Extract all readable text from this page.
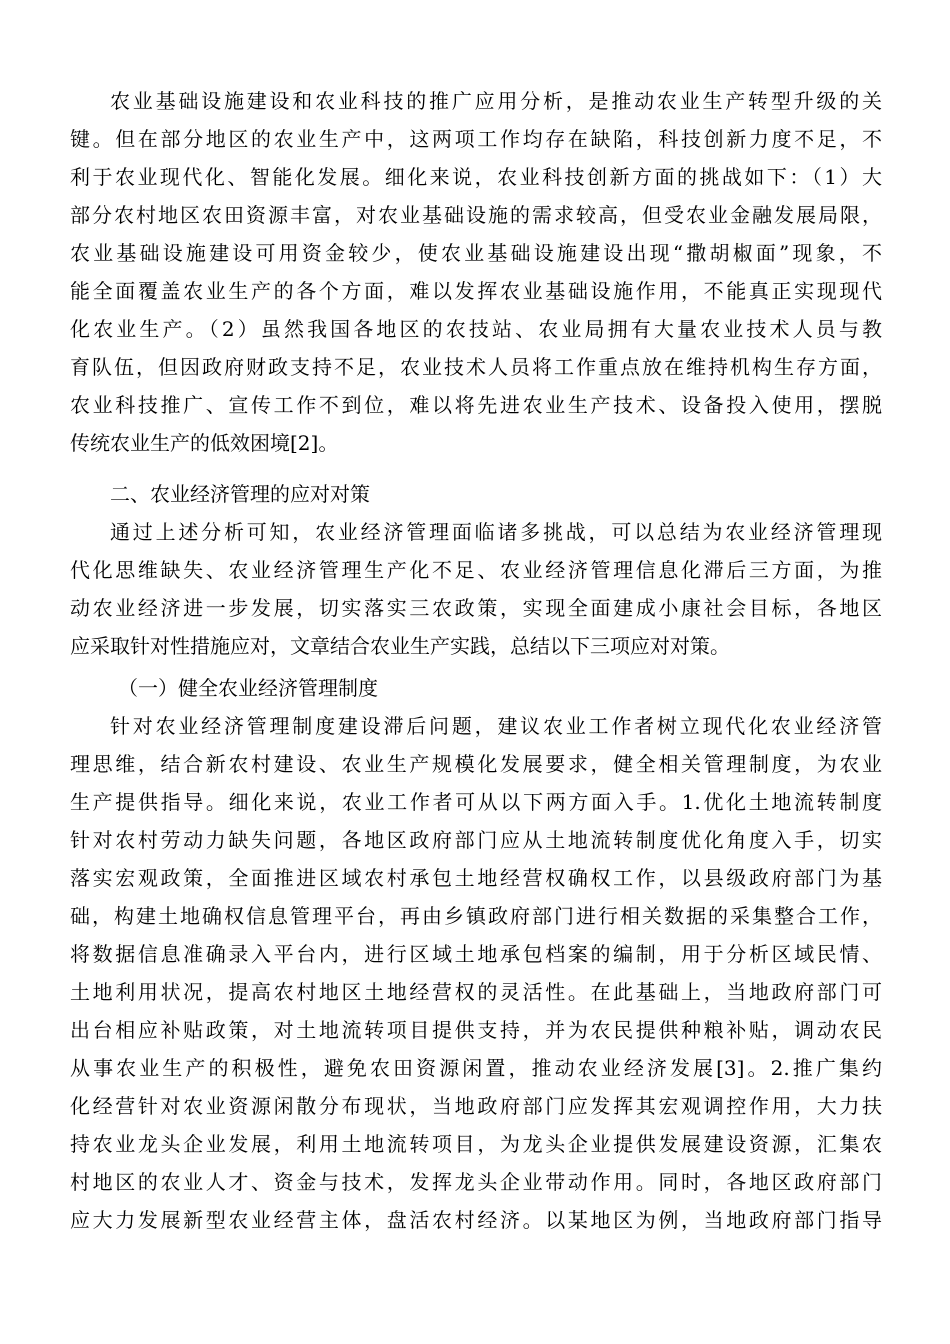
农业基础设施建设和农业科技的推广应用分析，是推动农业生产转型升级的关
键。但在部分地区的农业生产中，这两项工作均存在缺陷，科技创新力度不足，不
利于农业现代化、智能化发展。细化来说，农业科技创新方面的挑战如下：（1）大
部分农村地区农田资源丰富，对农业基础设施的需求较高，但受农业金融发展局限，
农业基础设施建设可用资金较少，使农业基础设施建设出现“撒胡椒面”现象，不
能全面覆盖农业生产的各个方面，难以发挥农业基础设施作用，不能真正实现现代
化农业生产。（2）虽然我国各地区的农技站、农业局拥有大量农业技术人员与教
育队伍，但因政府财政支持不足，农业技术人员将工作重点放在维持机构生存方面，
农业科技推广、宣传工作不到位，难以将先进农业生产技术、设备投入使用，摆脱
传统农业生产的低效困境[2]。
二、农业经济管理的应对对策
通过上述分析可知，农业经济管理面临诸多挑战，可以总结为农业经济管理现
代化思维缺失、农业经济管理生产化不足、农业经济管理信息化滞后三方面，为推
动农业经济进一步发展，切实落实三农政策，实现全面建成小康社会目标，各地区
应采取针对性措施应对，文章结合农业生产实践，总结以下三项应对对策。
（一）健全农业经济管理制度
针对农业经济管理制度建设滞后问题，建议农业工作者树立现代化农业经济管
理思维，结合新农村建设、农业生产规模化发展要求，健全相关管理制度，为农业
生产提供指导。细化来说，农业工作者可从以下两方面入手。1.优化土地流转制度
针对农村劳动力缺失问题，各地区政府部门应从土地流转制度优化角度入手，切实
落实宏观政策，全面推进区域农村承包土地经营权确权工作，以县级政府部门为基
础，构建土地确权信息管理平台，再由乡镇政府部门进行相关数据的采集整合工作，
将数据信息准确录入平台内，进行区域土地承包档案的编制，用于分析区域民情、
土地利用状况，提高农村地区土地经营权的灵活性。在此基础上，当地政府部门可
出台相应补贴政策，对土地流转项目提供支持，并为农民提供种粮补贴，调动农民
从事农业生产的积极性，避免农田资源闲置，推动农业经济发展[3]。2.推广集约
化经营针对农业资源闲散分布现状，当地政府部门应发挥其宏观调控作用，大力扶
持农业龙头企业发展，利用土地流转项目，为龙头企业提供发展建设资源，汇集农
村地区的农业人才、资金与技术，发挥龙头企业带动作用。同时，各地区政府部门
应大力发展新型农业经营主体，盘活农村经济。以某地区为例，当地政府部门指导
